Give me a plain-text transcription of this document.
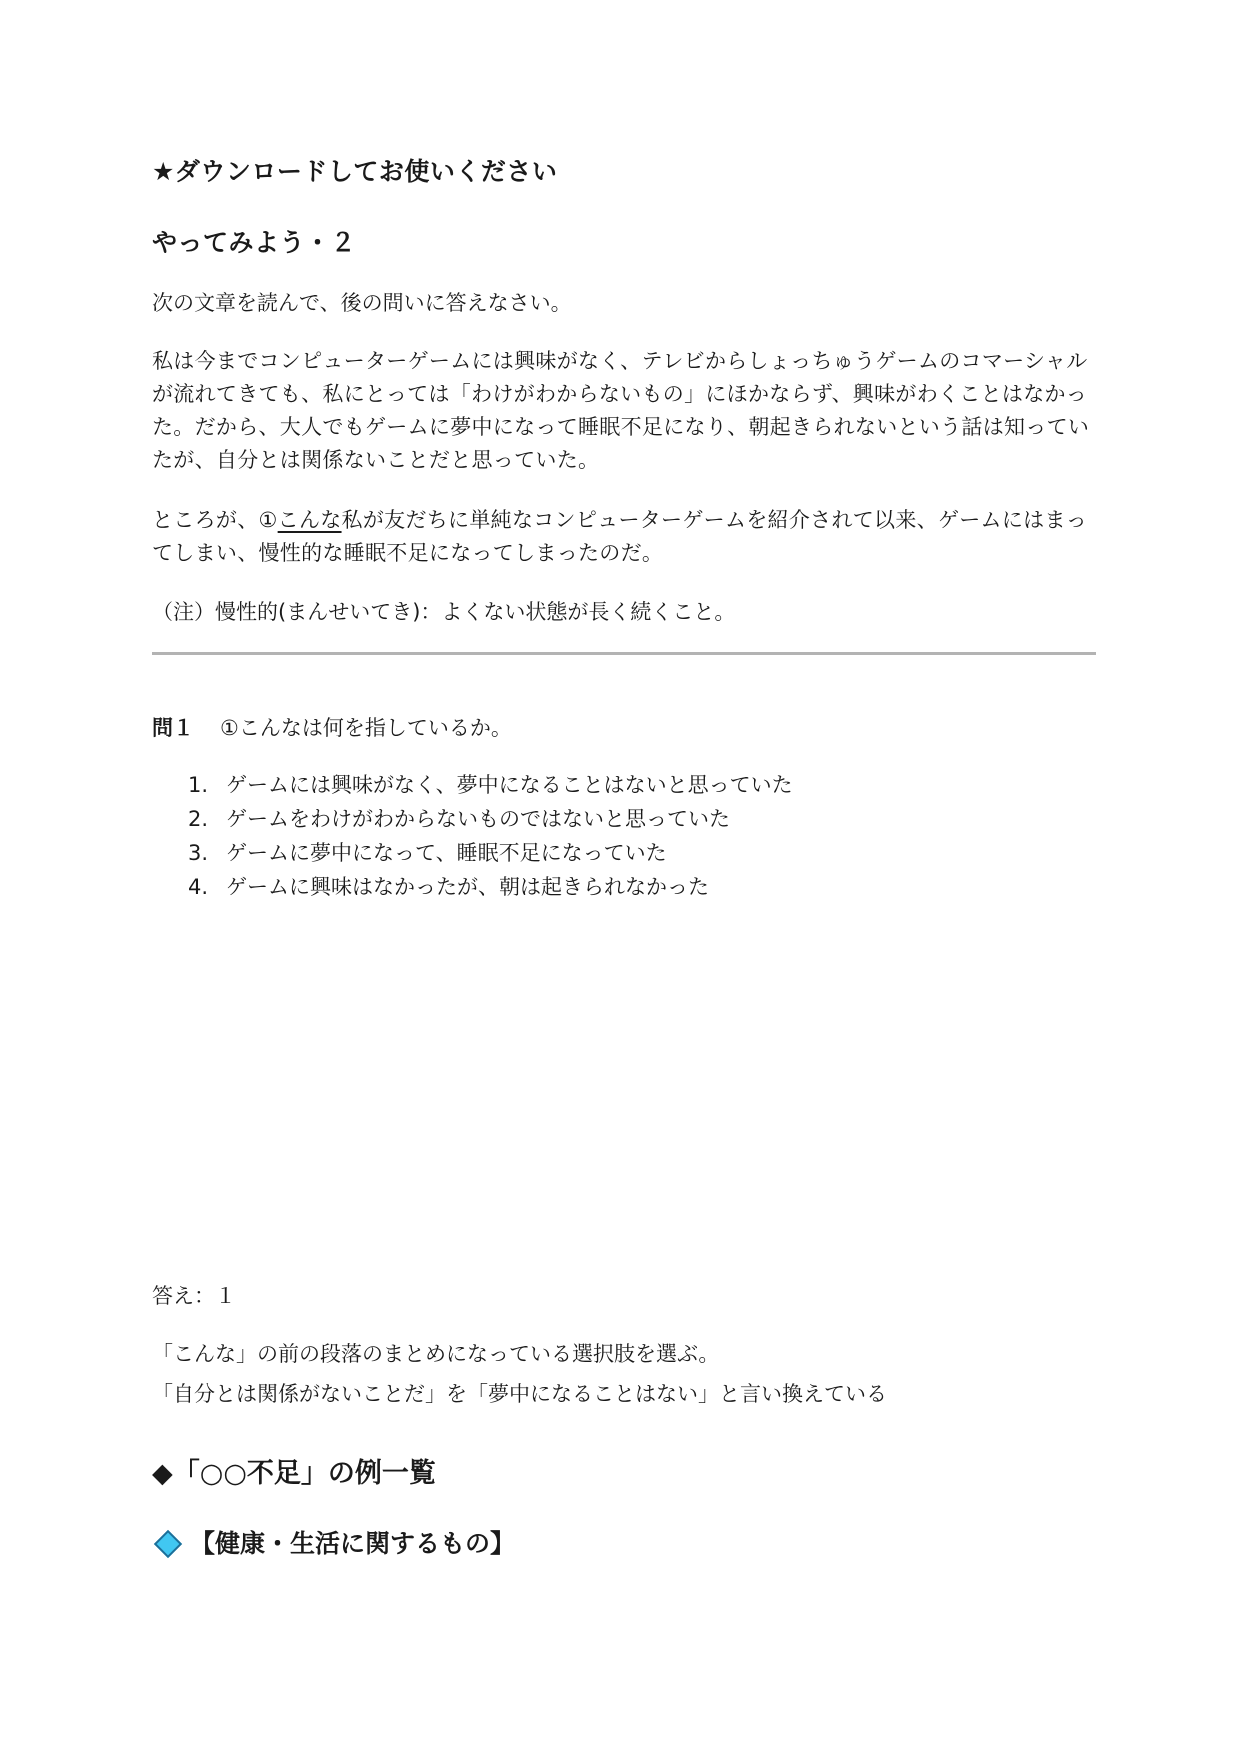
★ダウンロードしてお使いください
やってみよう・２
次の文章を読んで、後の問いに答えなさい。
私は今までコンピューターゲームには興味がなく、テレビからしょっちゅうゲームのコマーシャルが流れてきても、私にとっては「わけがわからないもの」にほかならず、興味がわくことはなかった。だから、大人でもゲームに夢中になって睡眠不足になり、朝起きられないという話は知っていたが、自分とは関係ないことだと思っていた。
ところが、①こんな私が友だちに単純なコンピューターゲームを紹介されて以来、ゲームにはまってしまい、慢性的な睡眠不足になってしまったのだ。
（注）慢性的(まんせいてき)：よくない状態が長く続くこと。
問１ ①こんなは何を指しているか。
1. ゲームには興味がなく、夢中になることはないと思っていた
2. ゲームをわけがわからないものではないと思っていた
3. ゲームに夢中になって、睡眠不足になっていた
4. ゲームに興味はなかったが、朝は起きられなかった
答え：１
「こんな」の前の段落のまとめになっている選択肢を選ぶ。
「自分とは関係がないことだ」を「夢中になることはない」と言い換えている
◆「○○不足」の例一覧
【健康・生活に関するもの】
